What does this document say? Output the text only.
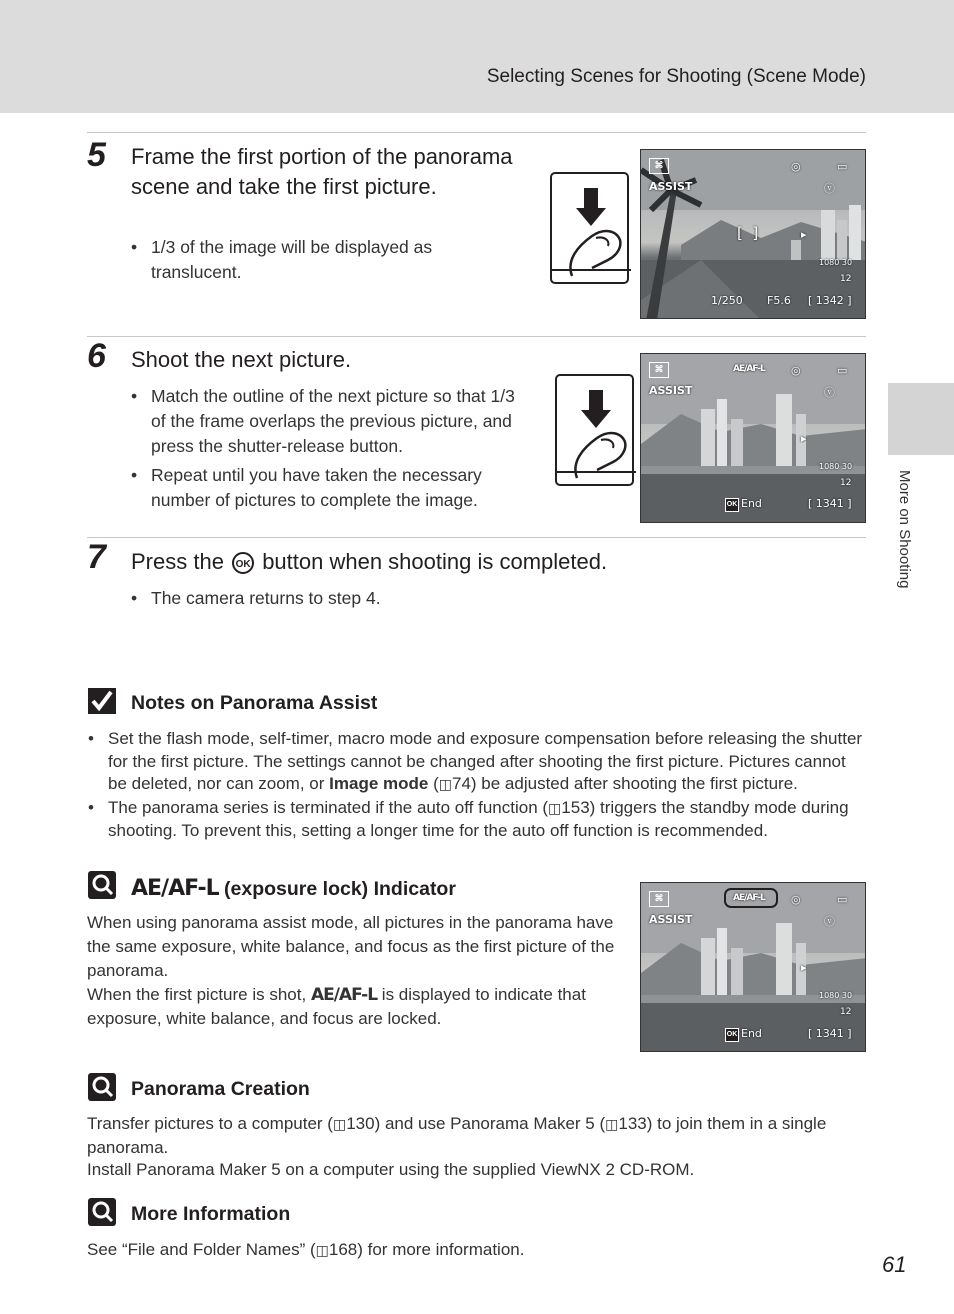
Selecting Scenes for Shooting (Scene Mode)
More on Shooting
5 Frame the first portion of the panorama scene and take the first picture.
• 1/3 of the image will be displayed as translucent.
⌘
ASSIST
◎	▭
ⓥ
[  ]	▸
1080 30
12
1/250 F5.6 [ 1342 ]
6 Shoot the next picture.
• Match the outline of the next picture so that 1/3 of the frame overlaps the previous picture, and press the shutter-release button.
• Repeat until you have taken the necessary number of pictures to complete the image.
⌘
ASSIST
AE/AF-L ◎	▭
ⓥ
▸
1080 30
12
OK End	[ 1341 ]
7 Press the OK button when shooting is completed.
• The camera returns to step 4.
Notes on Panorama Assist
• Set the flash mode, self-timer, macro mode and exposure compensation before releasing the shutter for the first picture. The settings cannot be changed after shooting the first picture. Pictures cannot be deleted, nor can zoom, or Image mode (◫74) be adjusted after shooting the first picture.
• The panorama series is terminated if the auto off function (◫153) triggers the standby mode during shooting. To prevent this, setting a longer time for the auto off function is recommended.
AE/AF-L (exposure lock) Indicator
When using panorama assist mode, all pictures in the panorama have the same exposure, white balance, and focus as the first picture of the panorama.
When the first picture is shot, AE/AF-L is displayed to indicate that exposure, white balance, and focus are locked.
⌘
ASSIST
AE/AF-L ◎	▭
ⓥ
▸
1080 30
12
OK End	[ 1341 ]
Panorama Creation
Transfer pictures to a computer (◫130) and use Panorama Maker 5 (◫133) to join them in a single panorama.
Install Panorama Maker 5 on a computer using the supplied ViewNX 2 CD-ROM.
More Information
See “File and Folder Names” (◫168) for more information.
61
